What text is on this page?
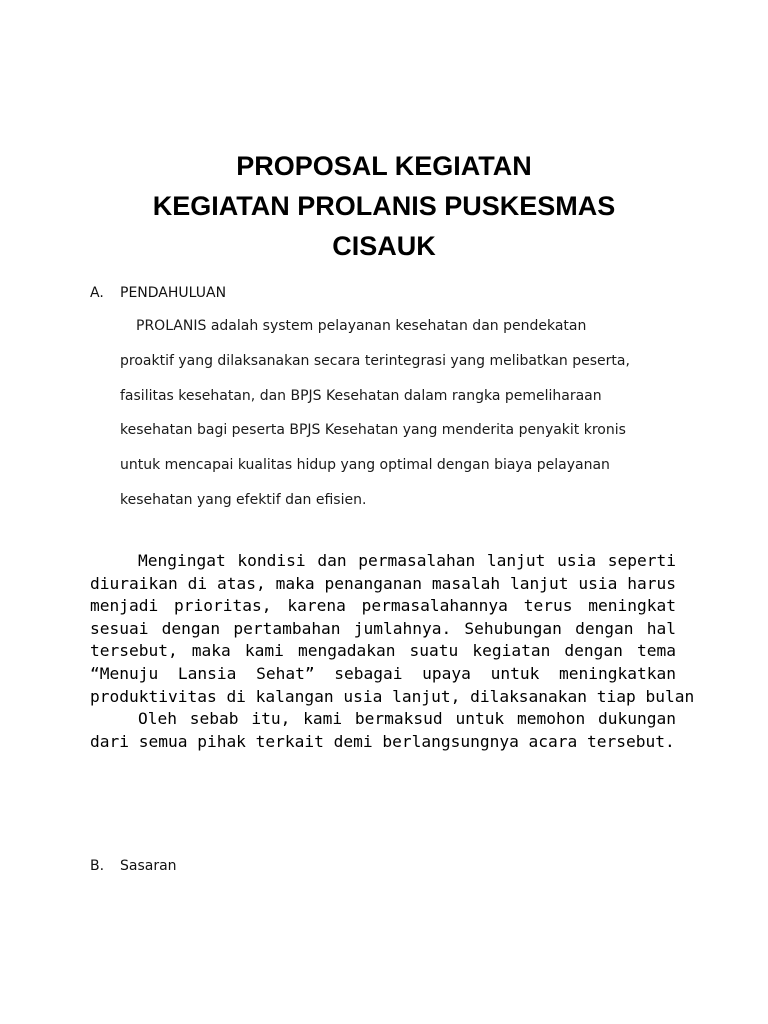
PROPOSAL KEGIATAN
KEGIATAN PROLANIS PUSKESMAS
CISAUK
A. PENDAHULUAN
PROLANIS adalah system pelayanan kesehatan dan pendekatan
proaktif yang dilaksanakan secara terintegrasi yang melibatkan peserta,
fasilitas kesehatan, dan BPJS Kesehatan dalam rangka pemeliharaan
kesehatan bagi peserta BPJS Kesehatan yang menderita penyakit kronis
untuk mencapai kualitas hidup yang optimal dengan biaya pelayanan
kesehatan yang efektif dan efisien.
Mengingat kondisi dan permasalahan lanjut usia seperti
diuraikan di atas, maka penanganan masalah lanjut usia harus
menjadi prioritas, karena permasalahannya terus meningkat
sesuai dengan pertambahan jumlahnya. Sehubungan dengan hal
tersebut, maka kami mengadakan suatu kegiatan dengan tema
“Menuju Lansia Sehat” sebagai upaya untuk meningkatkan
produktivitas di kalangan usia lanjut, dilaksanakan tiap bulan
Oleh sebab itu, kami bermaksud untuk memohon dukungan
dari semua pihak terkait demi berlangsungnya acara tersebut.
B. Sasaran
